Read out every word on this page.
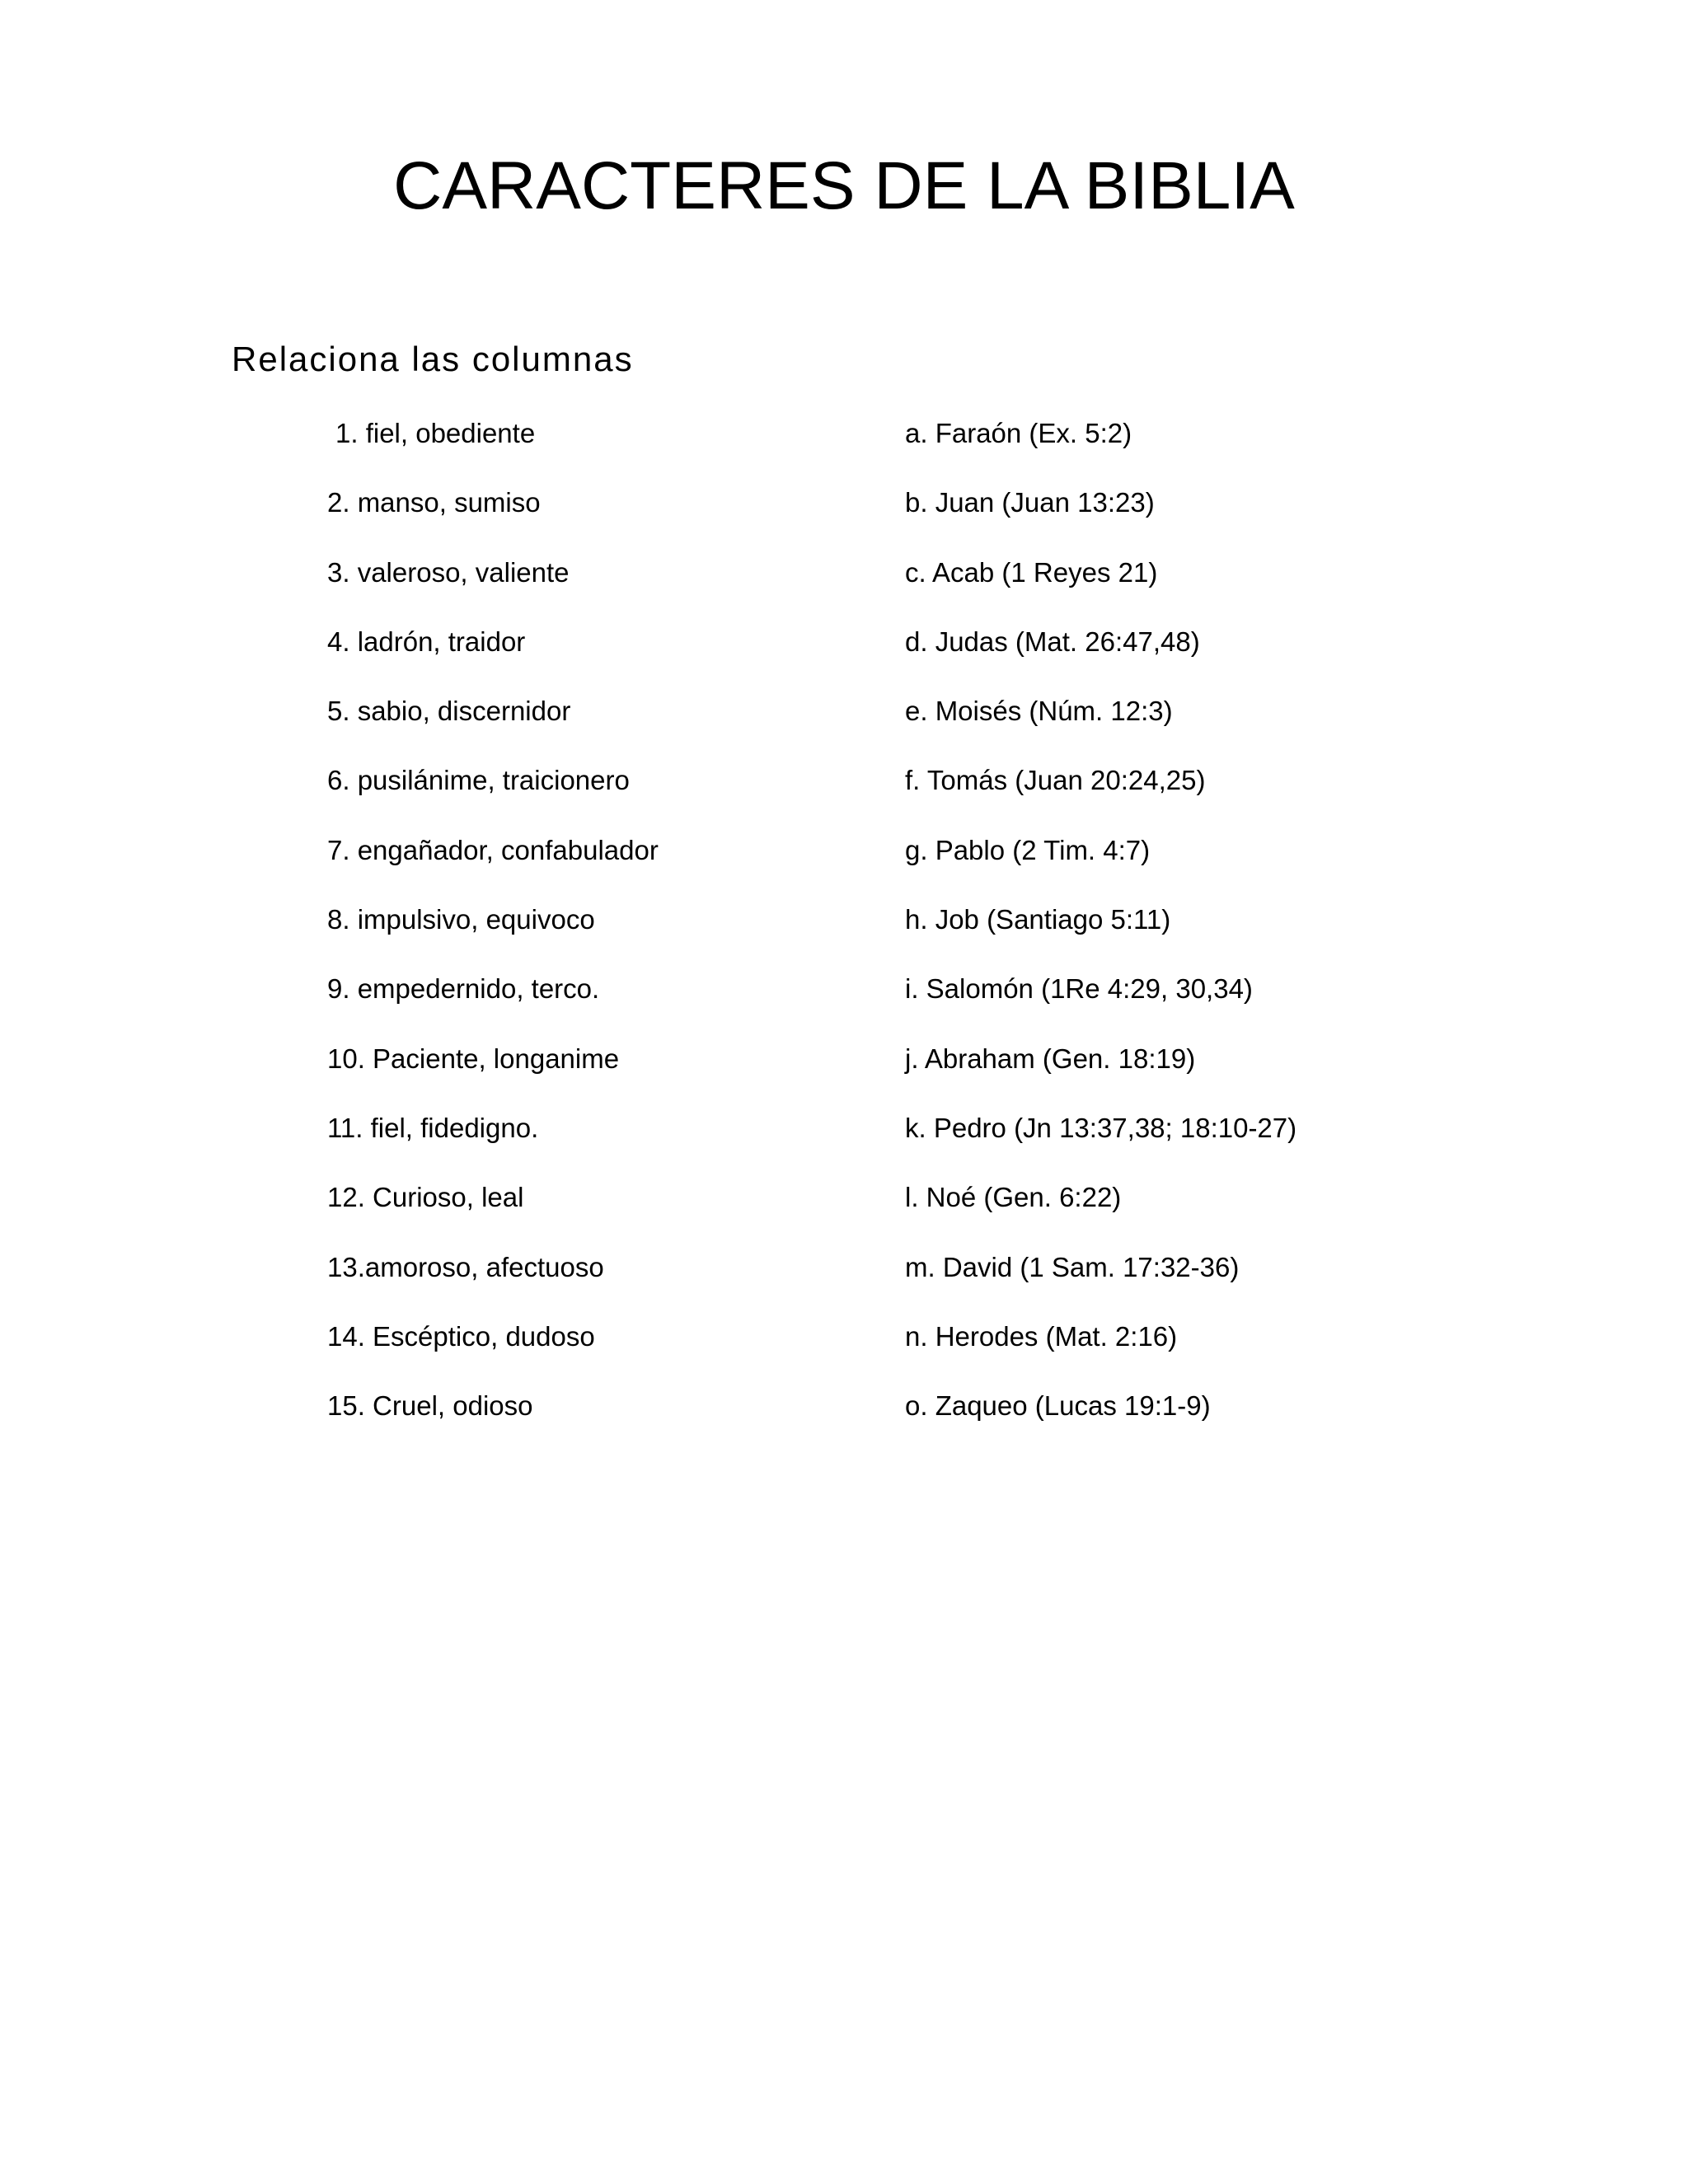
CARACTERES DE LA BIBLIA
Relaciona las columnas
1. fiel, obediente
2. manso, sumiso
3. valeroso, valiente
4. ladrón, traidor
5. sabio, discernidor
6. pusilánime, traicionero
7. engañador, confabulador
8. impulsivo, equivoco
9. empedernido, terco.
10. Paciente, longanime
11. fiel, fidedigno.
12. Curioso, leal
13.amoroso, afectuoso
14. Escéptico, dudoso
15. Cruel, odioso
a. Faraón (Ex. 5:2)
b. Juan (Juan 13:23)
c. Acab (1 Reyes 21)
d. Judas (Mat. 26:47,48)
e. Moisés (Núm. 12:3)
f. Tomás (Juan 20:24,25)
g. Pablo (2 Tim. 4:7)
h. Job (Santiago 5:11)
i. Salomón (1Re 4:29, 30,34)
j. Abraham (Gen. 18:19)
k. Pedro (Jn 13:37,38; 18:10-27)
l. Noé (Gen. 6:22)
m. David (1 Sam. 17:32-36)
n. Herodes (Mat. 2:16)
o. Zaqueo (Lucas 19:1-9)
